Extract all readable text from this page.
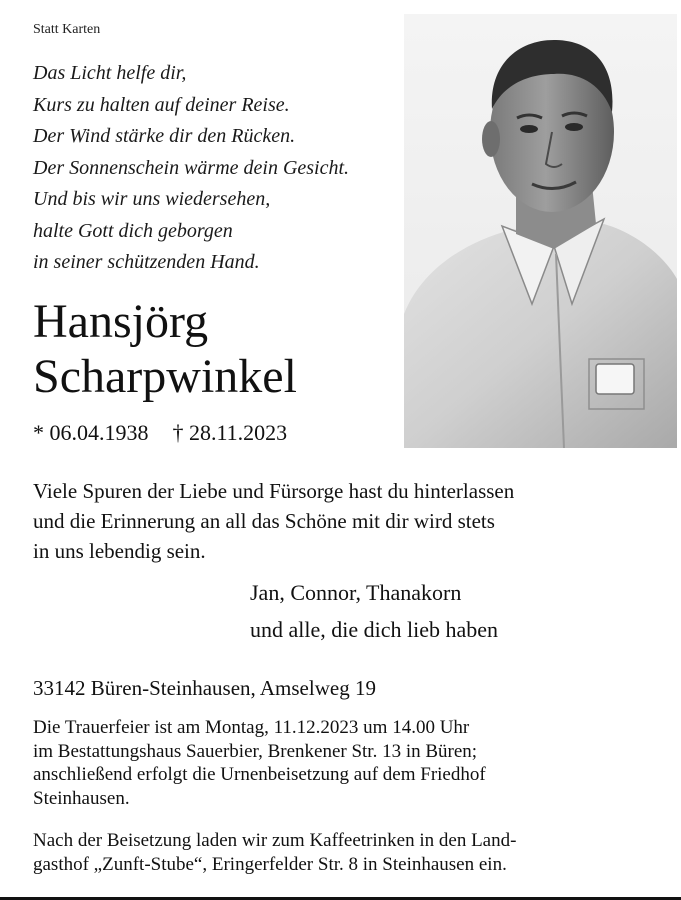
Statt Karten
Das Licht helfe dir,
Kurs zu halten auf deiner Reise.
Der Wind stärke dir den Rücken.
Der Sonnenschein wärme dein Gesicht.
Und bis wir uns wiedersehen,
halte Gott dich geborgen
in seiner schützenden Hand.
Hansjörg
Scharpwinkel
* 06.04.1938 † 28.11.2023
Viele Spuren der Liebe und Fürsorge hast du hinterlassen
und die Erinnerung an all das Schöne mit dir wird stets
in uns lebendig sein.
Jan, Connor, Thanakorn
und alle, die dich lieb haben
33142 Büren-Steinhausen, Amselweg 19
Die Trauerfeier ist am Montag, 11.12.2023 um 14.00 Uhr
im Bestattungshaus Sauerbier, Brenkener Str. 13 in Büren;
anschließend erfolgt die Urnenbeisetzung auf dem Friedhof
Steinhausen.
Nach der Beisetzung laden wir zum Kaffeetrinken in den Land-
gasthof „Zunft-Stube“, Eringerfelder Str. 8 in Steinhausen ein.
